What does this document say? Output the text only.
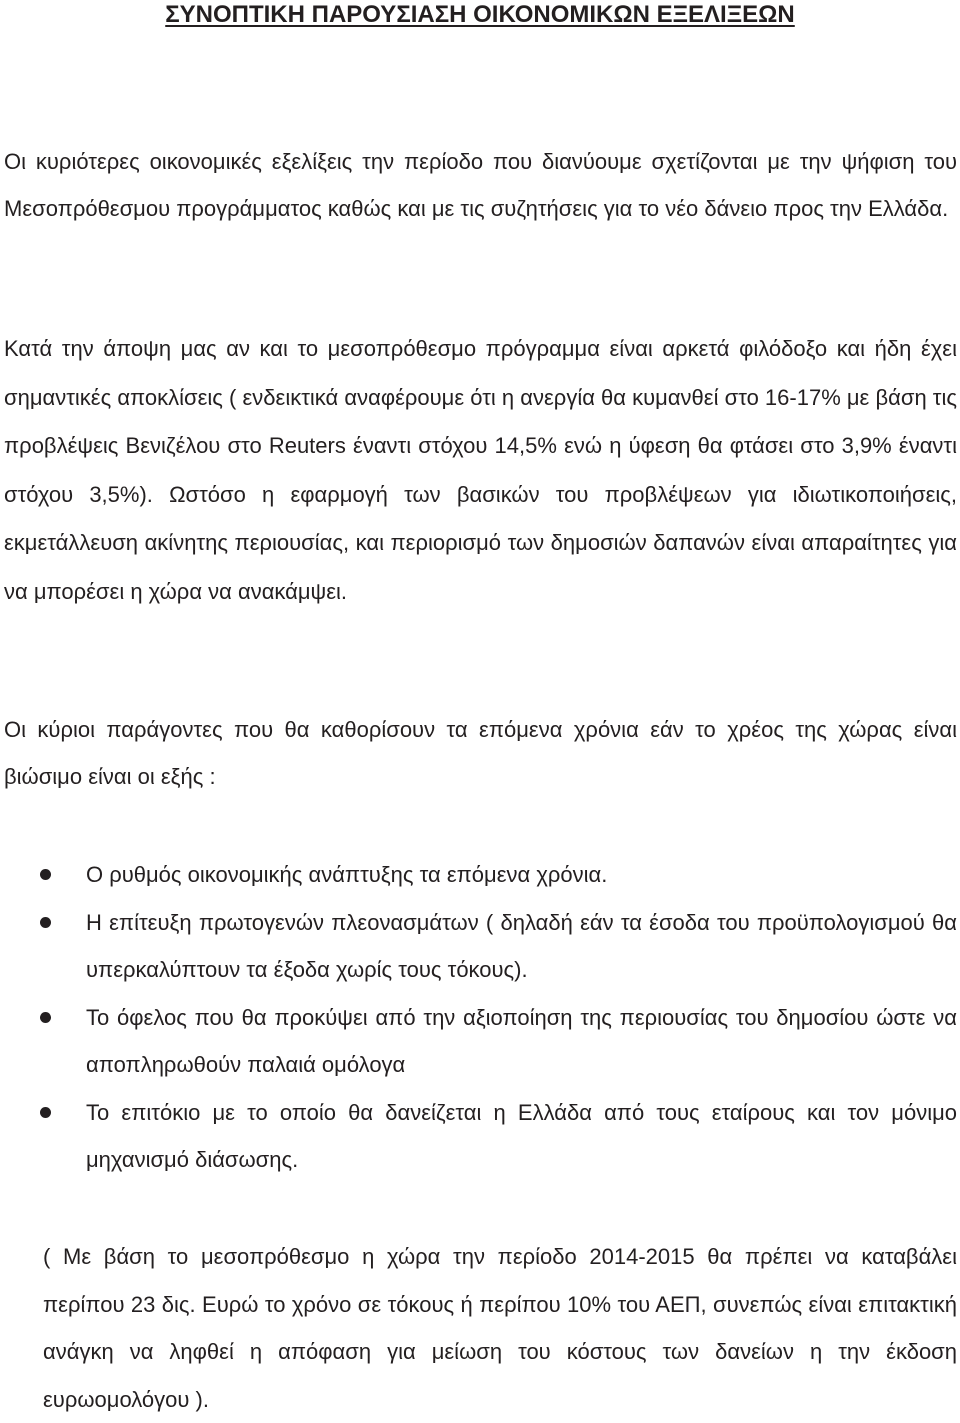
ΣΥΝΟΠΤΙΚΗ ΠΑΡΟΥΣΙΑΣΗ ΟΙΚΟΝΟΜΙΚΩΝ ΕΞΕΛΙΞΕΩΝ

Οι κυριότερες οικονομικές εξελίξεις την περίοδο που διανύουμε σχετίζονται με την ψήφιση του Μεσοπρόθεσμου προγράμματος καθώς και με τις συζητήσεις για το νέο δάνειο προς την Ελλάδα.

Κατά την άποψη μας αν και το μεσοπρόθεσμο πρόγραμμα είναι αρκετά φιλόδοξο και ήδη έχει σημαντικές αποκλίσεις ( ενδεικτικά αναφέρουμε ότι η ανεργία θα κυμανθεί στο 16-17% με βάση τις προβλέψεις Βενιζέλου στο Reuters έναντι στόχου 14,5% ενώ η ύφεση θα φτάσει στο 3,9% έναντι στόχου 3,5%). Ωστόσο η εφαρμογή των βασικών του προβλέψεων για ιδιωτικοποιήσεις, εκμετάλλευση ακίνητης περιουσίας, και περιορισμό των δημοσιών δαπανών είναι απαραίτητες για να μπορέσει η χώρα να ανακάμψει.

Οι κύριοι παράγοντες που θα καθορίσουν τα επόμενα χρόνια εάν το χρέος της χώρας είναι βιώσιμο είναι οι εξής :

Ο ρυθμός οικονομικής ανάπτυξης τα επόμενα χρόνια.
Η επίτευξη πρωτογενών πλεονασμάτων ( δηλαδή εάν τα έσοδα του προϋπολογισμού θα υπερκαλύπτουν τα έξοδα χωρίς τους τόκους).
Το όφελος που θα προκύψει από την αξιοποίηση της περιουσίας του δημοσίου ώστε να αποπληρωθούν παλαιά ομόλογα
Το επιτόκιο με το οποίο θα δανείζεται η Ελλάδα από τους εταίρους και τον μόνιμο μηχανισμό διάσωσης.

( Με βάση το μεσοπρόθεσμο η χώρα την περίοδο 2014-2015 θα πρέπει να καταβάλει περίπου 23 δις. Ευρώ το χρόνο σε τόκους ή περίπου 10% του ΑΕΠ, συνεπώς είναι επιτακτική ανάγκη να ληφθεί η απόφαση για μείωση του κόστους των δανείων η την έκδοση ευρωομολόγου ).
